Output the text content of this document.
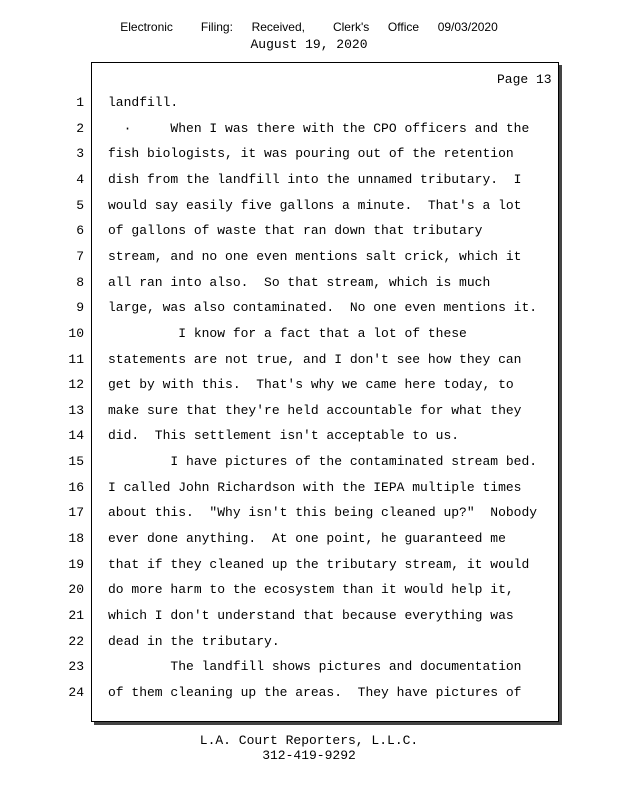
Electronic   Filing:  Received,   Clerk's  Office  09/03/2020
August 19, 2020
Page 13
1 landfill.
2 ·     When I was there with the CPO officers and the
3 fish biologists, it was pouring out of the retention
4 dish from the landfill into the unnamed tributary.  I
5 would say easily five gallons a minute.  That's a lot
6 of gallons of waste that ran down that tributary
7 stream, and no one even mentions salt crick, which it
8 all ran into also.  So that stream, which is much
9 large, was also contaminated.  No one even mentions it.
10 I know for a fact that a lot of these
11 statements are not true, and I don't see how they can
12 get by with this.  That's why we came here today, to
13 make sure that they're held accountable for what they
14 did.  This settlement isn't acceptable to us.
15 I have pictures of the contaminated stream bed.
16 I called John Richardson with the IEPA multiple times
17 about this.  "Why isn't this being cleaned up?"  Nobody
18 ever done anything.  At one point, he guaranteed me
19 that if they cleaned up the tributary stream, it would
20 do more harm to the ecosystem than it would help it,
21 which I don't understand that because everything was
22 dead in the tributary.
23 The landfill shows pictures and documentation
24 of them cleaning up the areas.  They have pictures of
L.A. Court Reporters, L.L.C.
312-419-9292
